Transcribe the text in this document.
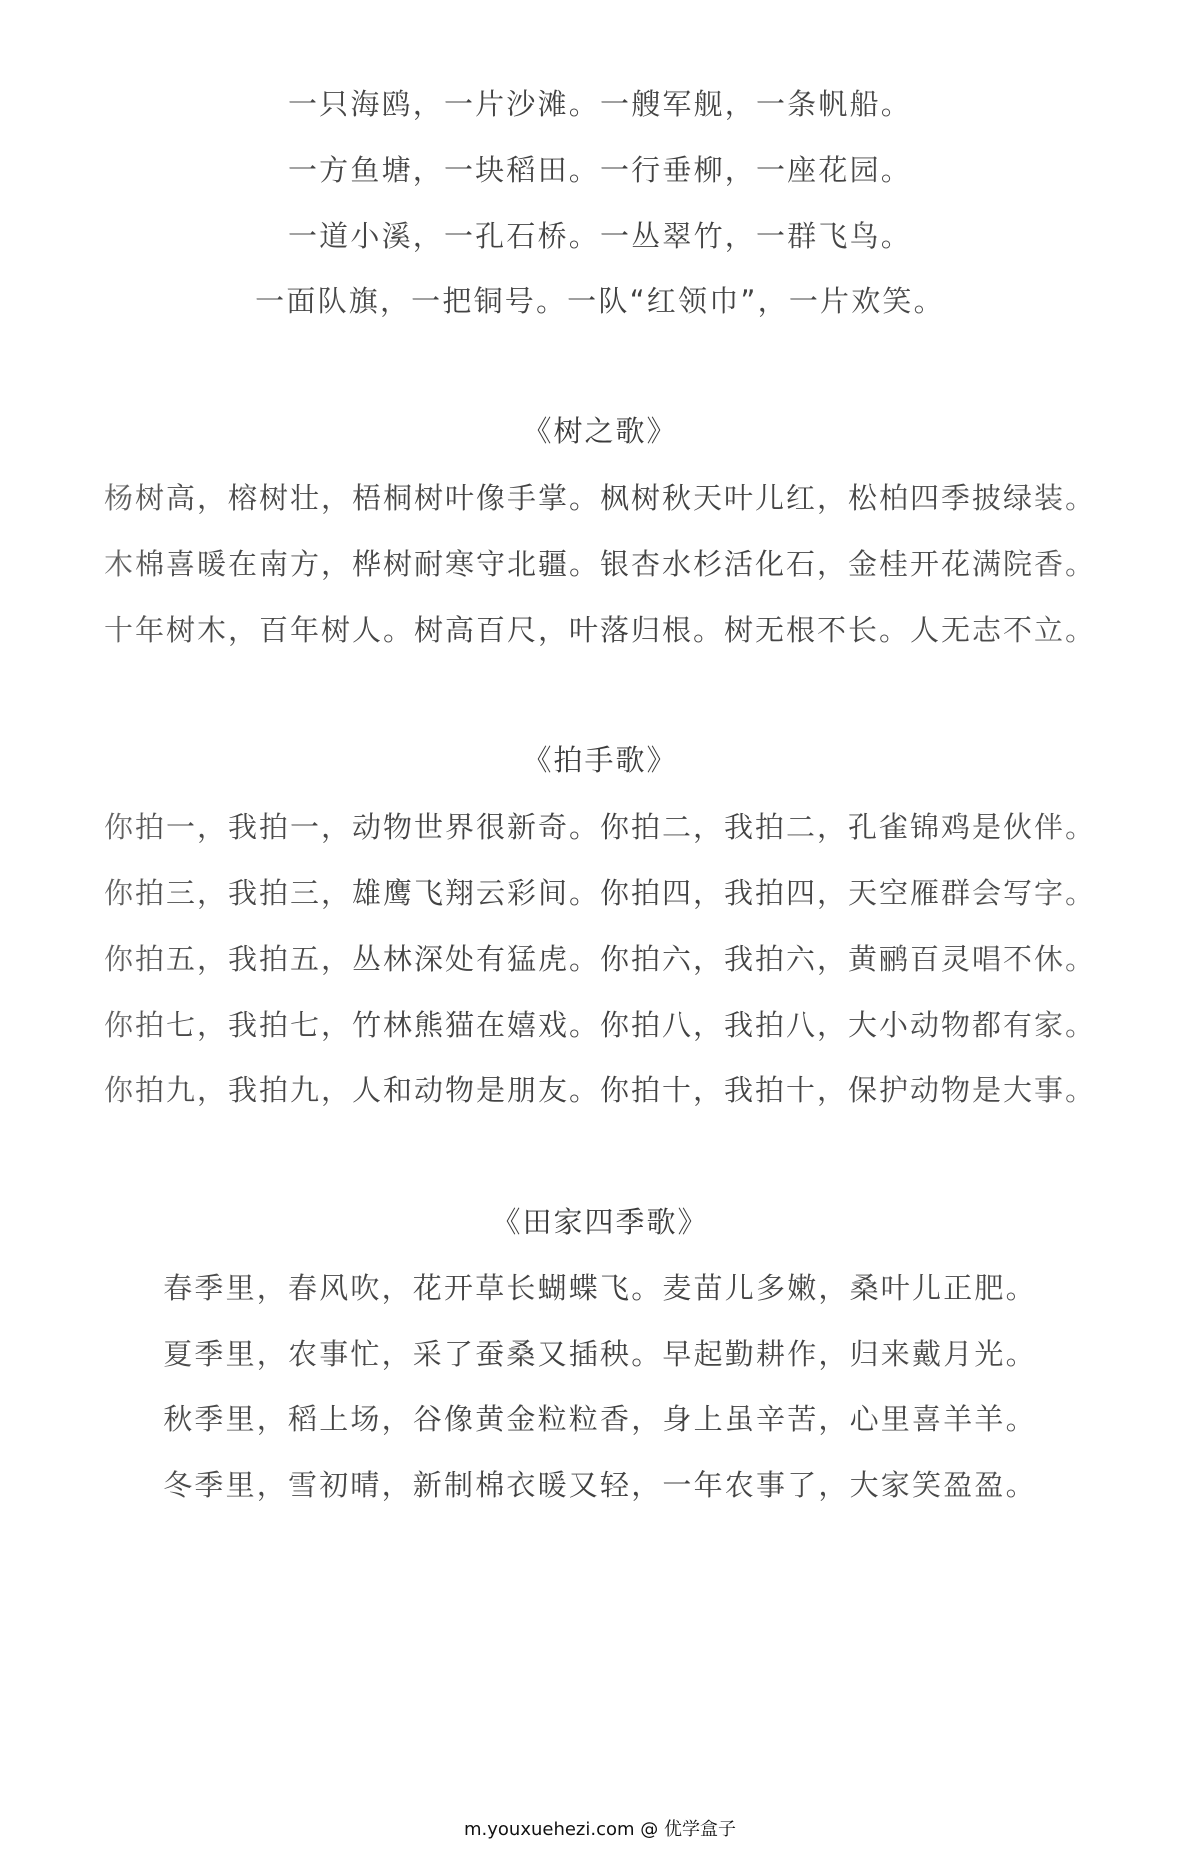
一只海鸥，一片沙滩。一艘军舰，一条帆船。
一方鱼塘，一块稻田。一行垂柳，一座花园。
一道小溪，一孔石桥。一丛翠竹，一群飞鸟。
一面队旗，一把铜号。一队“红领巾”，一片欢笑。
《树之歌》
杨树高，榕树壮，梧桐树叶像手掌。枫树秋天叶儿红，松柏四季披绿装。
木棉喜暖在南方，桦树耐寒守北疆。银杏水杉活化石，金桂开花满院香。
十年树木，百年树人。树高百尺，叶落归根。树无根不长。人无志不立。
《拍手歌》
你拍一，我拍一，动物世界很新奇。你拍二，我拍二，孔雀锦鸡是伙伴。
你拍三，我拍三，雄鹰飞翔云彩间。你拍四，我拍四，天空雁群会写字。
你拍五，我拍五，丛林深处有猛虎。你拍六，我拍六，黄鹂百灵唱不休。
你拍七，我拍七，竹林熊猫在嬉戏。你拍八，我拍八，大小动物都有家。
你拍九，我拍九，人和动物是朋友。你拍十，我拍十，保护动物是大事。
《田家四季歌》
春季里，春风吹，花开草长蝴蝶飞。麦苗儿多嫩，桑叶儿正肥。
夏季里，农事忙，采了蚕桑又插秧。早起勤耕作，归来戴月光。
秋季里，稻上场，谷像黄金粒粒香，身上虽辛苦，心里喜羊羊。
冬季里，雪初晴，新制棉衣暖又轻，一年农事了，大家笑盈盈。
m.youxuehezi.com @ 优学盒子
